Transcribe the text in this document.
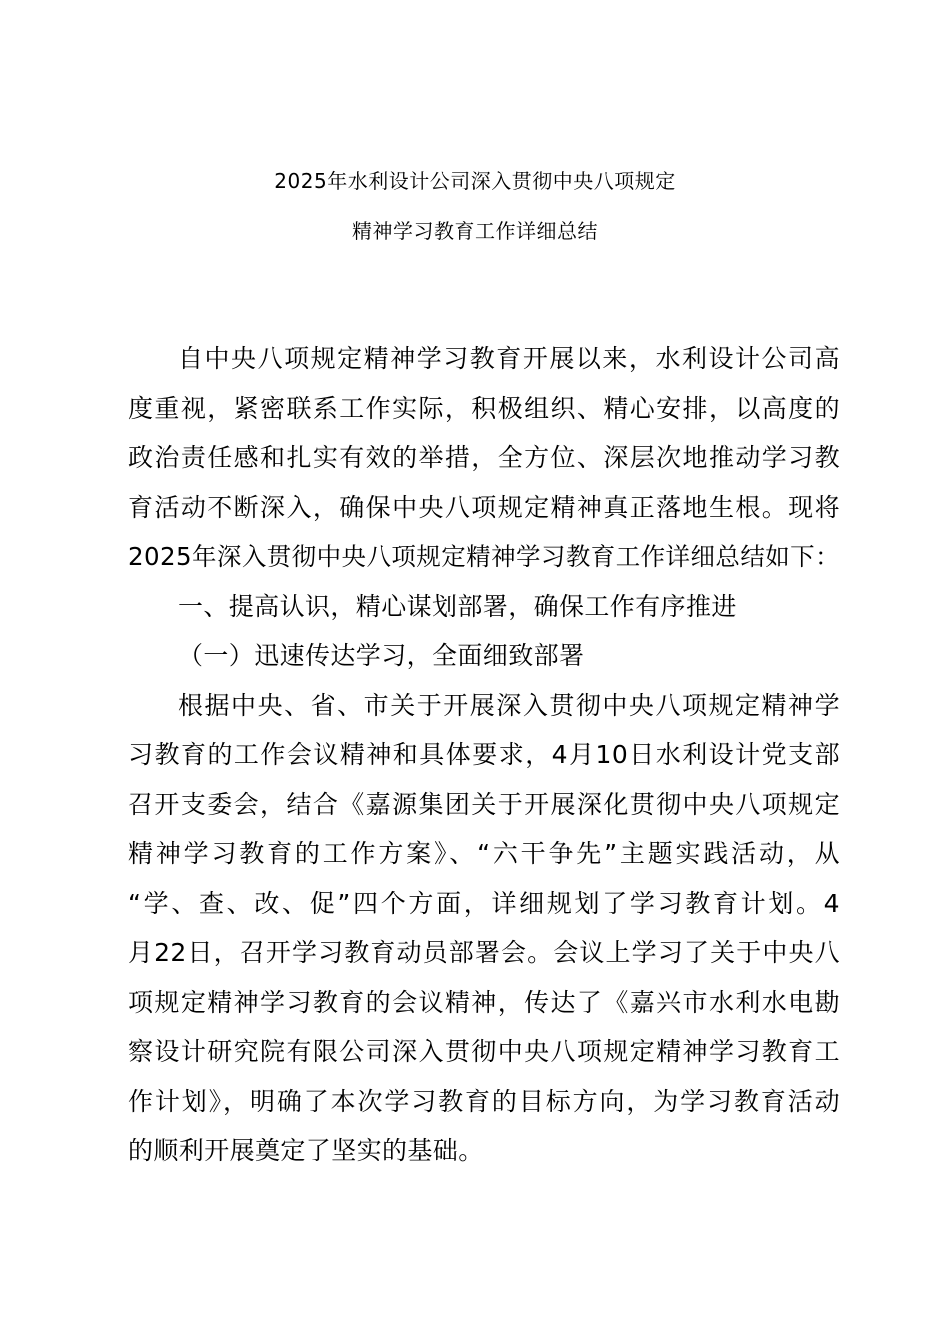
2025年水利设计公司深入贯彻中央八项规定
精神学习教育工作详细总结
自中央八项规定精神学习教育开展以来，水利设计公司高
度重视，紧密联系工作实际，积极组织、精心安排，以高度的
政治责任感和扎实有效的举措，全方位、深层次地推动学习教
育活动不断深入，确保中央八项规定精神真正落地生根。现将
2025年深入贯彻中央八项规定精神学习教育工作详细总结如下：
一、提高认识，精心谋划部署，确保工作有序推进
（一）迅速传达学习，全面细致部署
根据中央、省、市关于开展深入贯彻中央八项规定精神学
习教育的工作会议精神和具体要求，4月10日水利设计党支部
召开支委会，结合《嘉源集团关于开展深化贯彻中央八项规定
精神学习教育的工作方案》、“六干争先”主题实践活动，从
“学、查、改、促”四个方面，详细规划了学习教育计划。4
月22日，召开学习教育动员部署会。会议上学习了关于中央八
项规定精神学习教育的会议精神，传达了《嘉兴市水利水电勘
察设计研究院有限公司深入贯彻中央八项规定精神学习教育工
作计划》，明确了本次学习教育的目标方向，为学习教育活动
的顺利开展奠定了坚实的基础。
